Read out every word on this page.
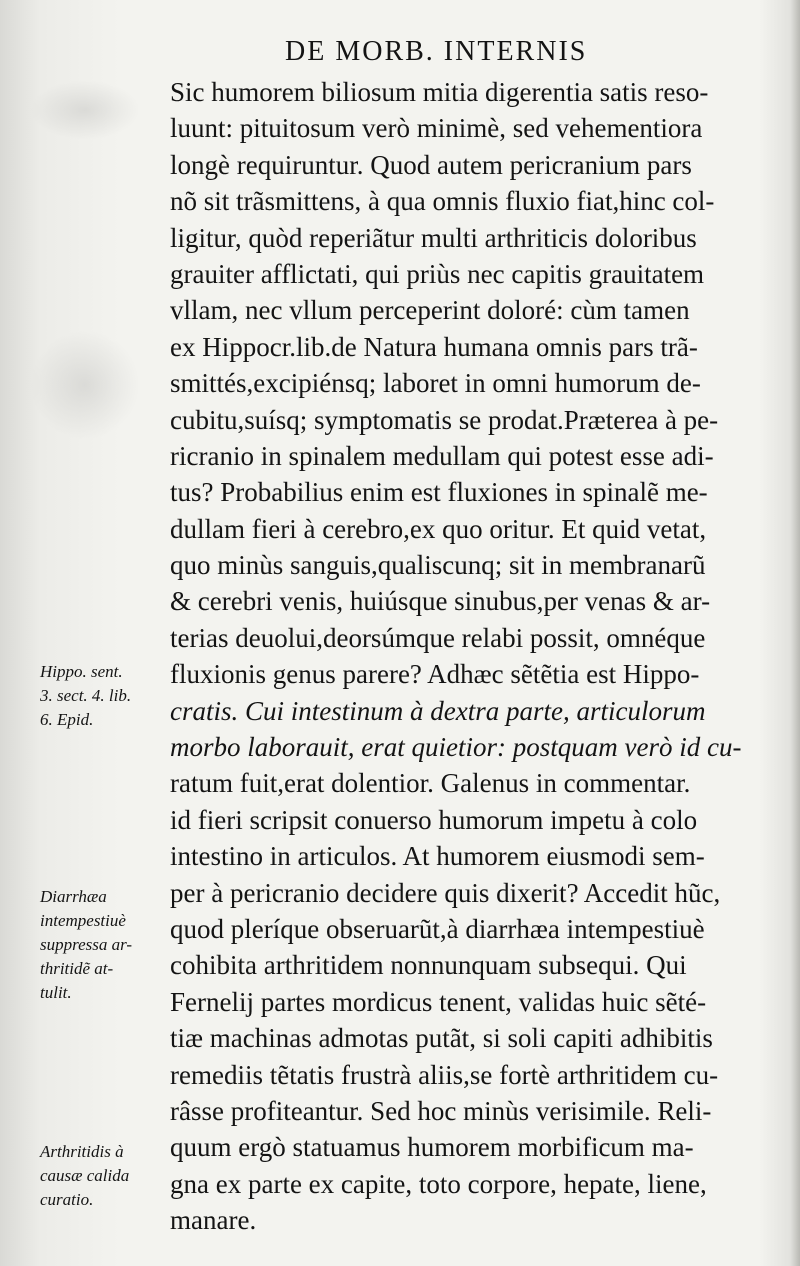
DE MORB. INTERNIS
Sic humorem biliosum mitia digerentia satis reso-
luunt: pituitosum verò minimè, sed vehementiora
longè requiruntur. Quod autem pericranium pars
nõ sit trãsmittens, à qua omnis fluxio fiat,hinc col-
ligitur, quòd reperiãtur multi arthriticis doloribus
grauiter afflictati, qui priùs nec capitis grauitatem
vllam, nec vllum perceperint doloré: cùm tamen
ex Hippocr.lib.de Natura humana omnis pars trã-
smittés,excipiénsq; laboret in omni humorum de-
cubitu,suísq; symptomatis se prodat.Præterea à pe-
ricranio in spinalem medullam qui potest esse adi-
tus? Probabilius enim est fluxiones in spinalẽ me-
dullam fieri à cerebro,ex quo oritur. Et quid vetat,
quo minùs sanguis,qualiscunq; sit in membranarũ
& cerebri venis, huiúsque sinubus,per venas & ar-
terias deuolui,deorsúmque relabi possit, omnéque
fluxionis genus parere? Adhæc sẽtẽtia est Hippo-
cratis. Cui intestinum à dextra parte, articulorum
morbo laborauit, erat quietior: postquam verò id cu-
ratum fuit,erat dolentior. Galenus in commentar.
id fieri scripsit conuerso humorum impetu à colo
intestino in articulos. At humorem eiusmodi sem-
per à pericranio decidere quis dixerit? Accedit hũc,
quod pleríque obseruarũt,à diarrhæa intempestiuè
cohibita arthritidem nonnunquam subsequi. Qui
Fernelij partes mordicus tenent, validas huic sẽté-
tiæ machinas admotas putãt, si soli capiti adhibitis
remediis tẽtatis frustrà aliis,se fortè arthritidem cu-
râsse profiteantur. Sed hoc minùs verisimile. Reli-
quum ergò statuamus humorem morbificum ma-
gna ex parte ex capite, toto corpore, hepate, liene,
manare.
Hippo. sent.
3. sect. 4. lib.
6. Epid.
Diarrhæa
intempestiuè
suppressa ar-
thritidẽ at-
tulit.
Arthritidis à
causæ calida
curatio.
